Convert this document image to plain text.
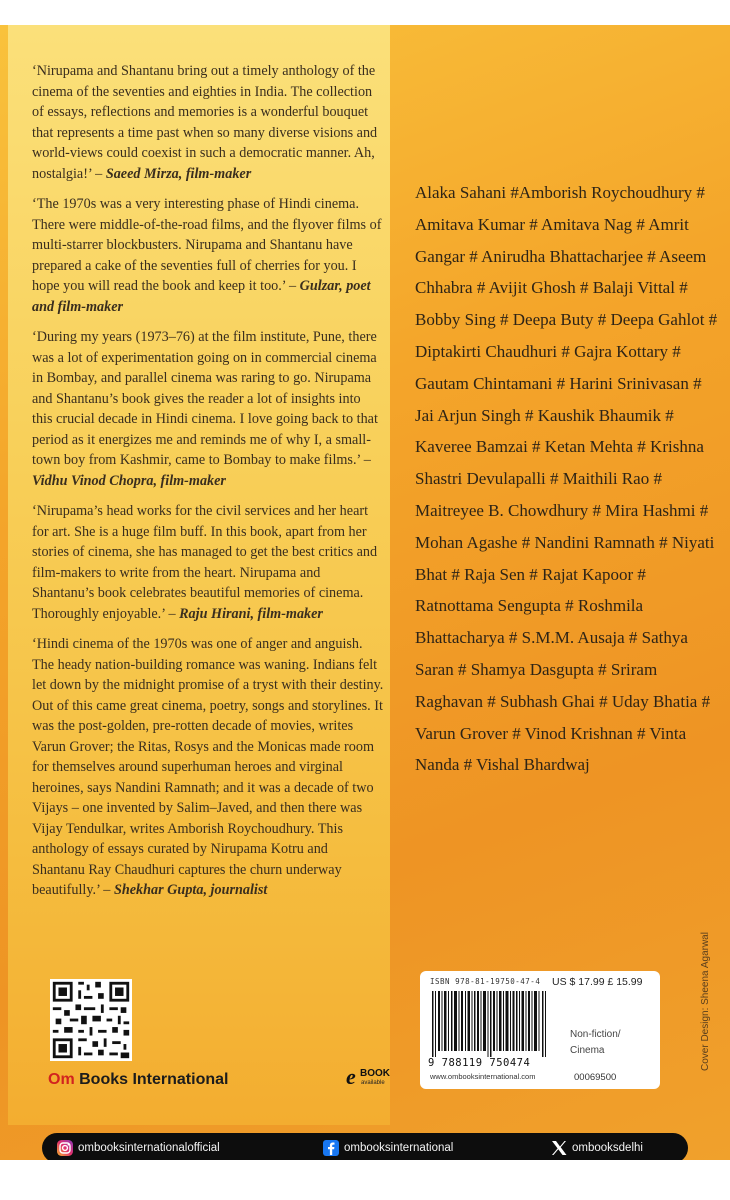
‘Nirupama and Shantanu bring out a timely anthology of the cinema of the seventies and eighties in India. The collection of essays, reflections and memories is a wonderful bouquet that represents a time past when so many diverse visions and world-views could coexist in such a democratic manner. Ah, nostalgia!’ – Saeed Mirza, film-maker

‘The 1970s was a very interesting phase of Hindi cinema. There were middle-of-the-road films, and the flyover films of multi-starrer blockbusters. Nirupama and Shantanu have prepared a cake of the seventies full of cherries for you. I hope you will read the book and keep it too.’ – Gulzar, poet and film-maker

‘During my years (1973–76) at the film institute, Pune, there was a lot of experimentation going on in commercial cinema in Bombay, and parallel cinema was raring to go. Nirupama and Shantanu’s book gives the reader a lot of insights into this crucial decade in Hindi cinema. I love going back to that period as it energizes me and reminds me of why I, a small-town boy from Kashmir, came to Bombay to make films.’ – Vidhu Vinod Chopra, film-maker

‘Nirupama’s head works for the civil services and her heart for art. She is a huge film buff. In this book, apart from her stories of cinema, she has managed to get the best critics and film-makers to write from the heart. Nirupama and Shantanu’s book celebrates beautiful memories of cinema. Thoroughly enjoyable.’ – Raju Hirani, film-maker

‘Hindi cinema of the 1970s was one of anger and anguish. The heady nation-building romance was waning. Indians felt let down by the midnight promise of a tryst with their destiny. Out of this came great cinema, poetry, songs and storylines. It was the post-golden, pre-rotten decade of movies, writes Varun Grover; the Ritas, Rosys and the Monicas made room for themselves around superhuman heroes and virginal heroines, says Nandini Ramnath; and it was a decade of two Vijays – one invented by Salim–Javed, and then there was Vijay Tendulkar, writes Amborish Roychoudhury. This anthology of essays curated by Nirupama Kotru and Shantanu Ray Chaudhuri captures the churn underway beautifully.’ – Shekhar Gupta, journalist

Om Books International	e BOOK
available
Alaka Sahani #Amborish Roychoudhury # Amitava Kumar # Amitava Nag # Amrit Gangar # Anirudha Bhattacharjee # Aseem Chhabra # Avijit Ghosh # Balaji Vittal # Bobby Sing # Deepa Buty # Deepa Gahlot # Diptakirti Chaudhuri # Gajra Kottary # Gautam Chintamani # Harini Srinivasan # Jai Arjun Singh # Kaushik Bhaumik # Kaveree Bamzai # Ketan Mehta # Krishna Shastri Devulapalli # Maithili Rao # Maitreyee B. Chowdhury # Mira Hashmi # Mohan Agashe # Nandini Ramnath # Niyati Bhat # Raja Sen # Rajat Kapoor # Ratnottama Sengupta # Roshmila Bhattacharya # S.M.M. Ausaja # Sathya Saran # Shamya Dasgupta # Sriram Raghavan # Subhash Ghai # Uday Bhatia # Varun Grover # Vinod Krishnan # Vinta Nanda # Vishal Bhardwaj
ISBN 978-81-19750-47-4 US $ 17.99 £ 15.99
9 788119 750474
www.ombooksinternational.com
Non-fiction/
Cinema
00069500
Cover Design: Sheena Agarwal
ombooksinternationalofficial	ombooksinternational	ombooksdelhi
